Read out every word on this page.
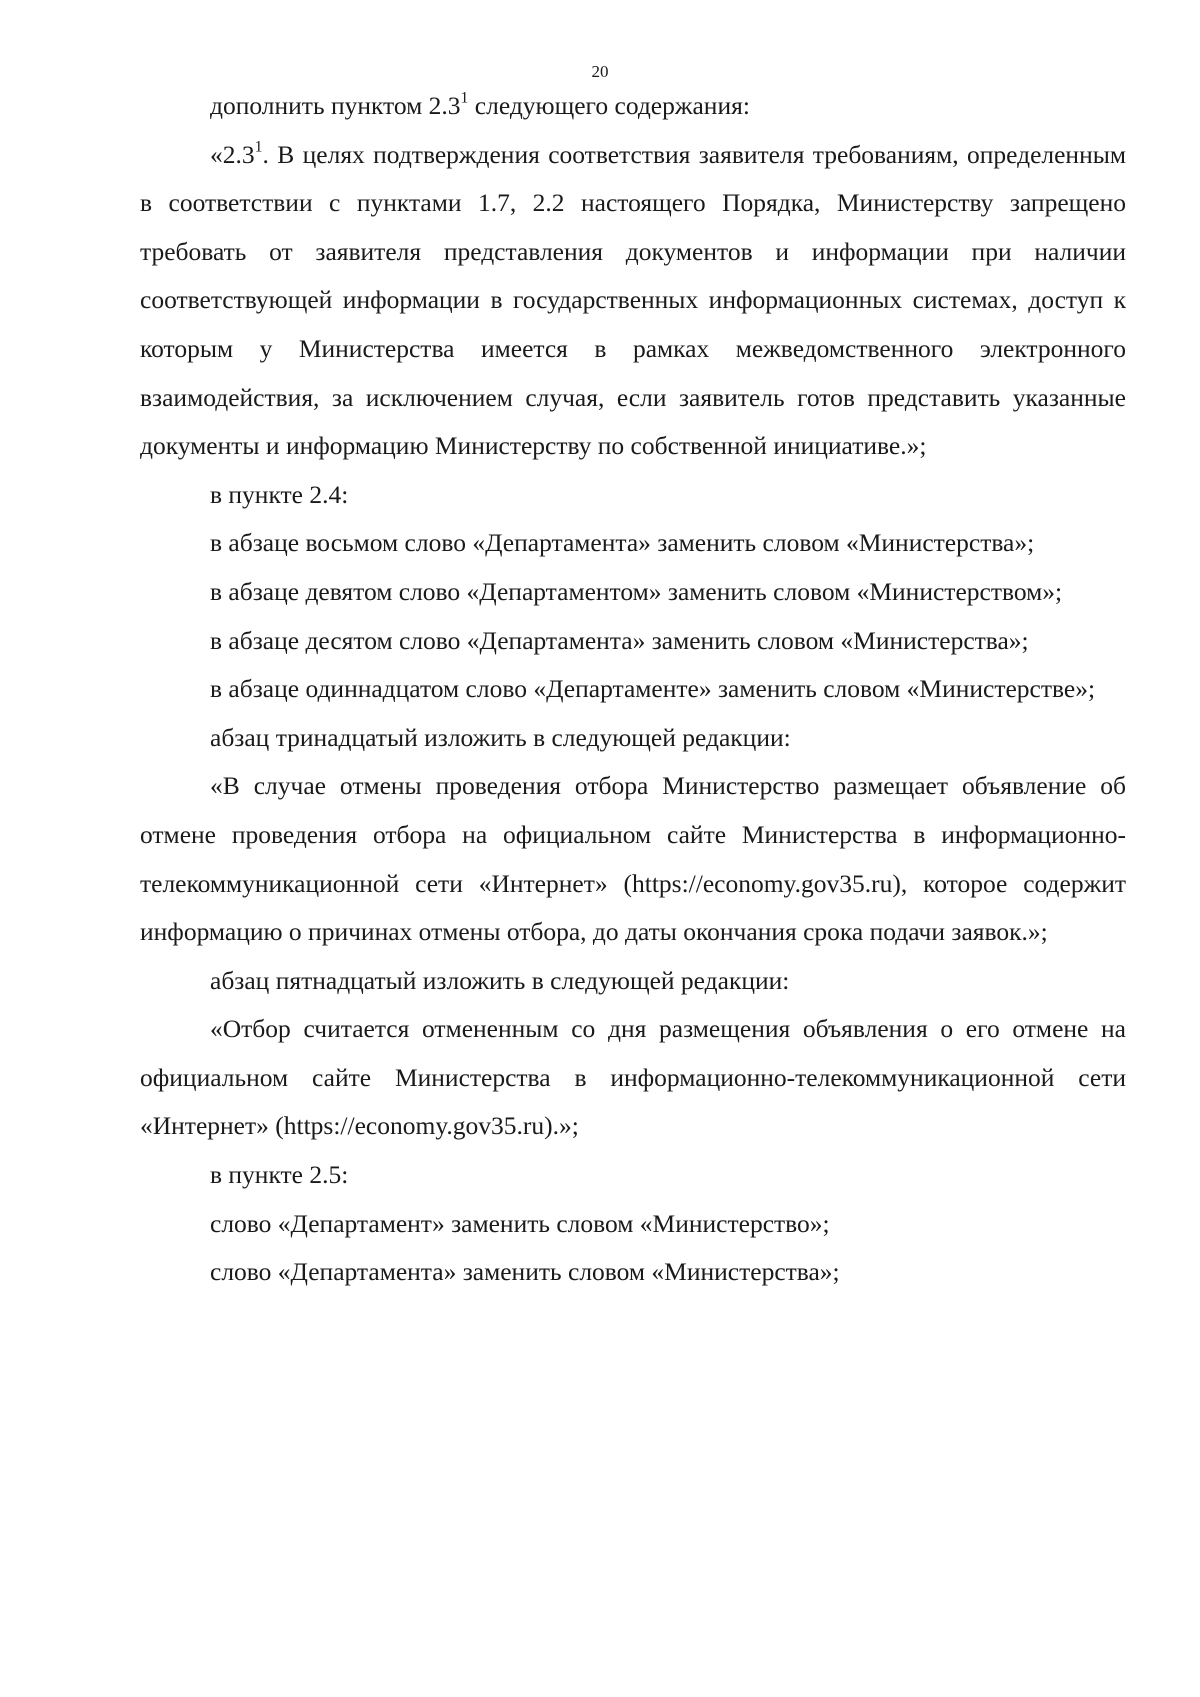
20

дополнить пунктом $2.3^1$ следующего содержания:

«$2.3^1$. В целях подтверждения соответствия заявителя требованиям, определенным в соответствии с пунктами 1.7, 2.2 настоящего Порядка, Министерству запрещено требовать от заявителя представления документов и информации при наличии соответствующей информации в государственных информационных системах, доступ к которым у Министерства имеется в рамках межведомственного электронного взаимодействия, за исключением случая, если заявитель готов представить указанные документы и информацию Министерству по собственной инициативе.»;

в пункте 2.4:

в абзаце восьмом слово «Департамента» заменить словом «Министерства»;

в абзаце девятом слово «Департаментом» заменить словом «Министерством»;

в абзаце десятом слово «Департамента» заменить словом «Министерства»;

в абзаце одиннадцатом слово «Департаменте» заменить словом «Министерстве»;

абзац тринадцатый изложить в следующей редакции:

«В случае отмены проведения отбора Министерство размещает объявление об отмене проведения отбора на официальном сайте Министерства в информационно-телекоммуникационной сети «Интернет» (https://economy.gov35.ru), которое содержит информацию о причинах отмены отбора, до даты окончания срока подачи заявок.»;

абзац пятнадцатый изложить в следующей редакции:

«Отбор считается отмененным со дня размещения объявления о его отмене на официальном сайте Министерства в информационно-телекоммуникационной сети «Интернет» (https://economy.gov35.ru).»;

в пункте 2.5:

слово «Департамент» заменить словом «Министерство»;

слово «Департамента» заменить словом «Министерства»;
